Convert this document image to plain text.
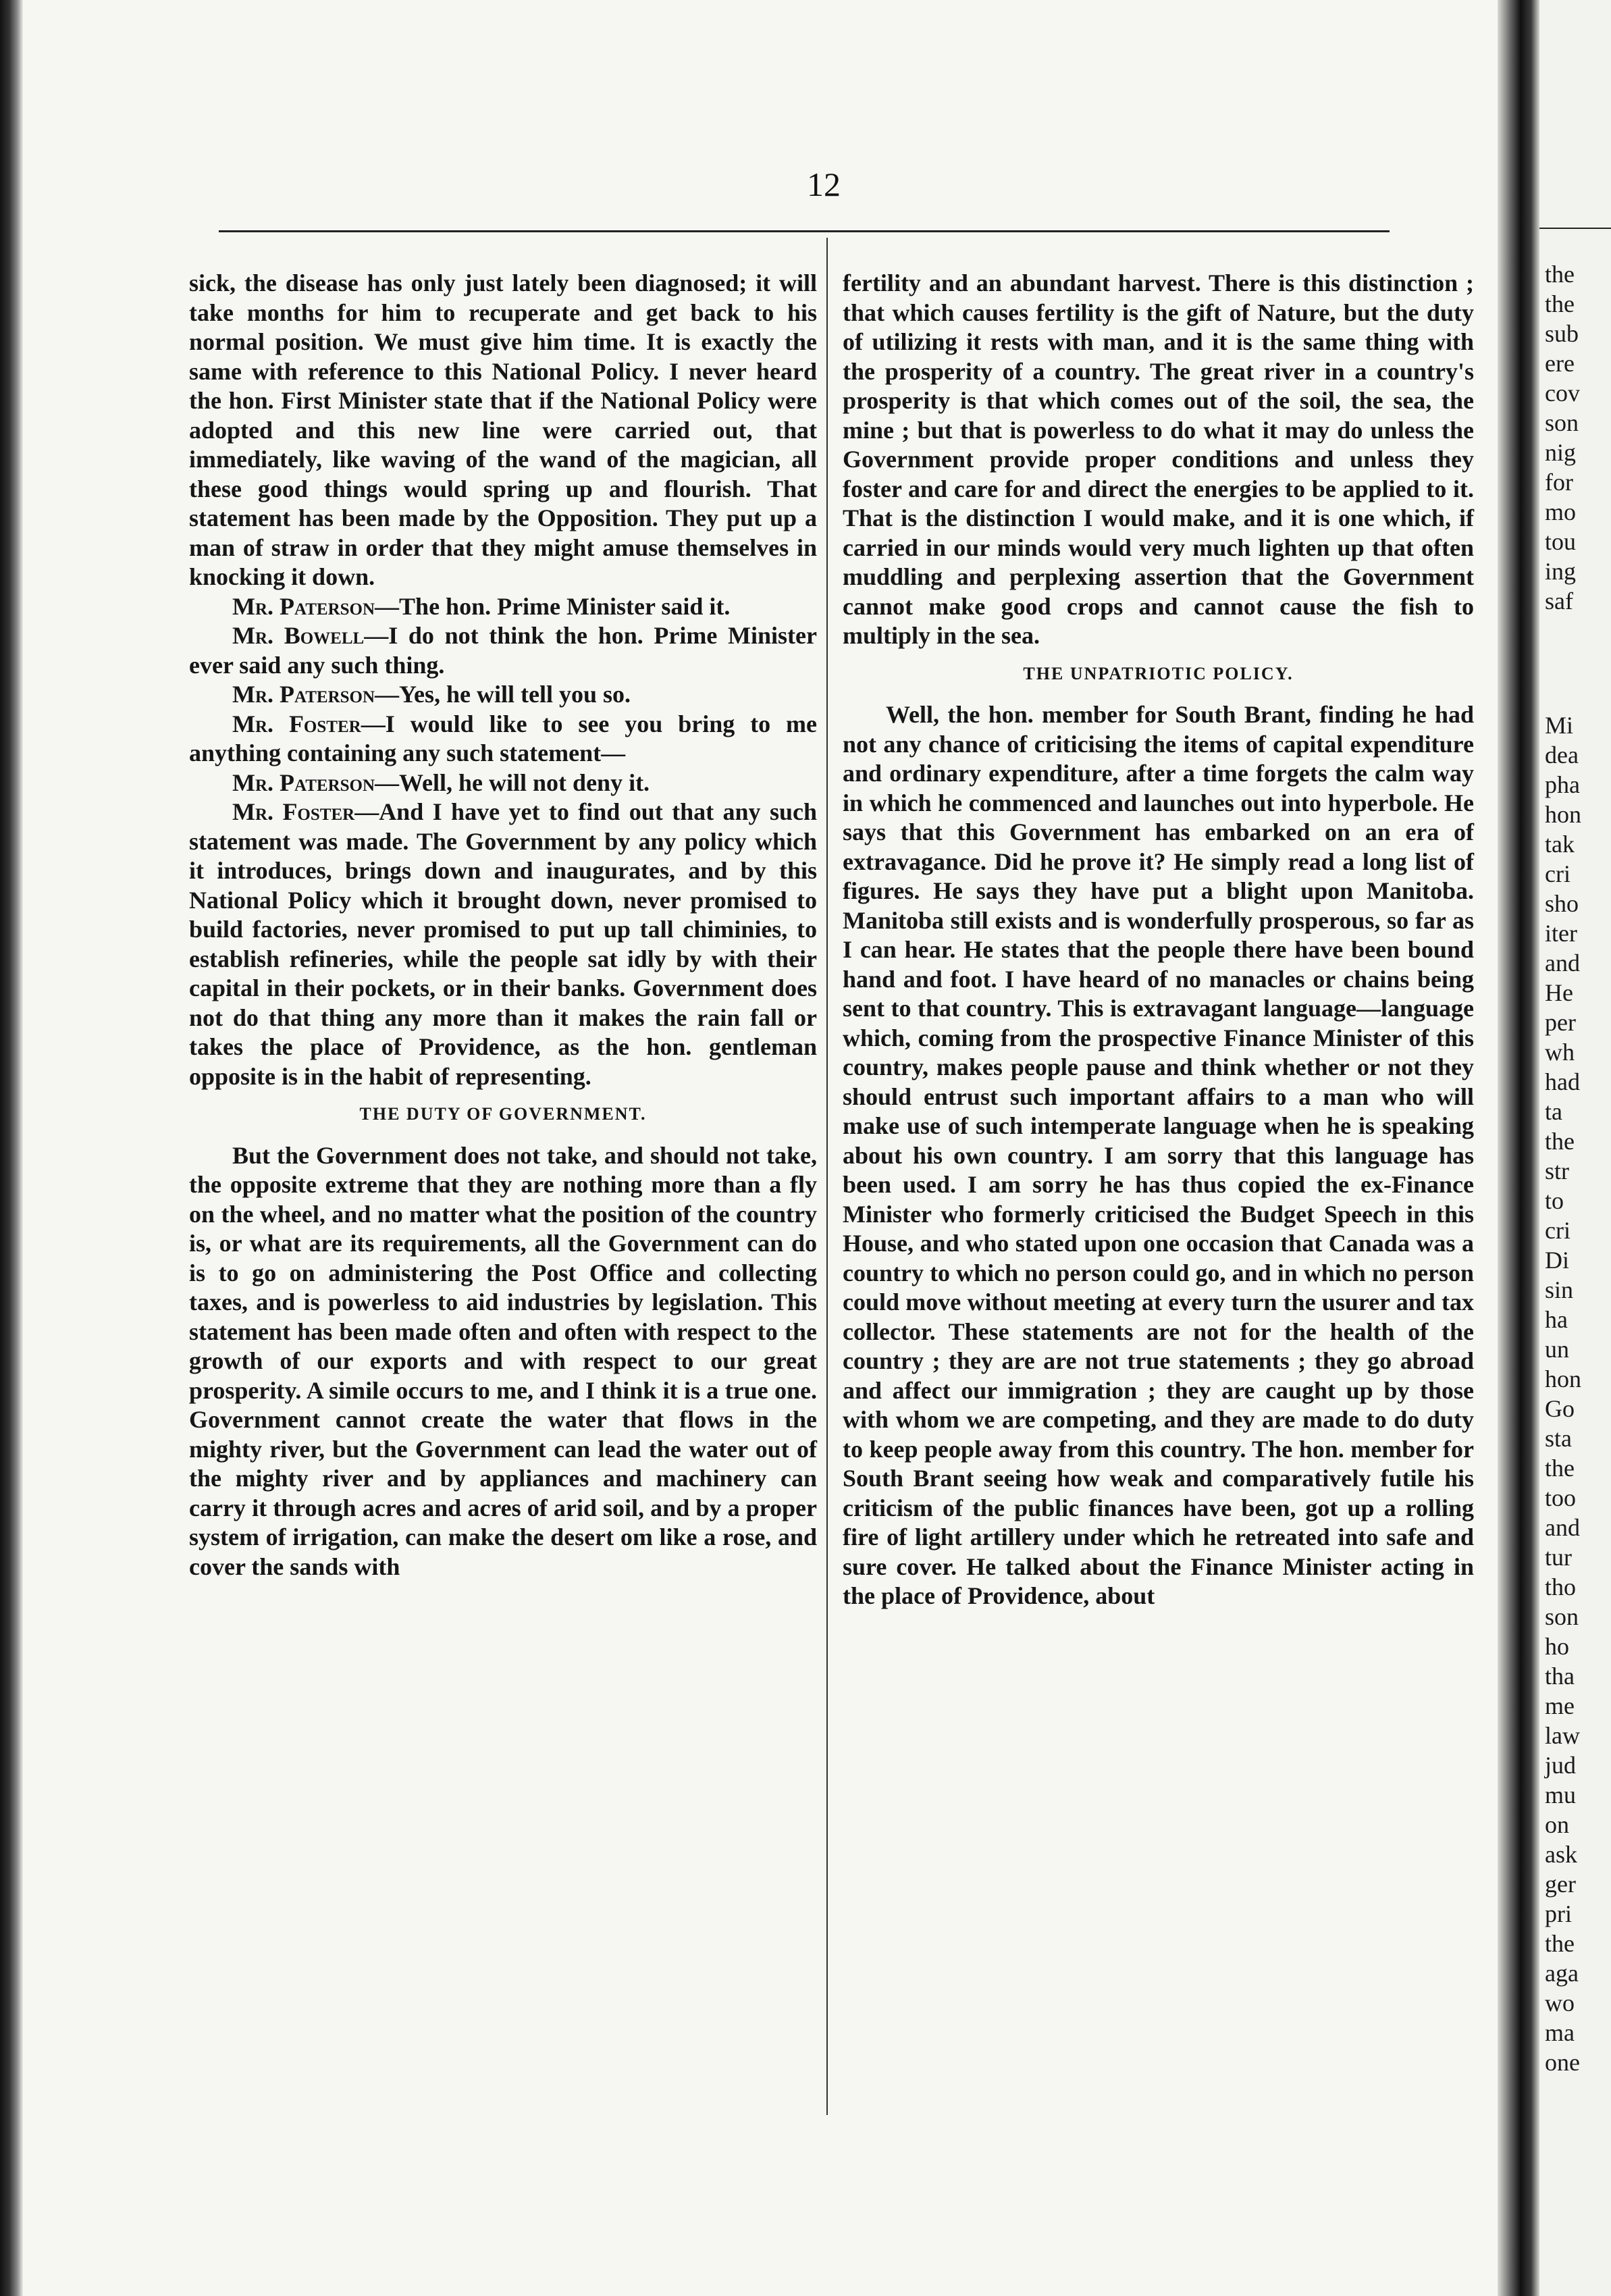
the
the
sub
ere
cov
son
nig
for
mo
tou
ing
saf
Mi
dea
pha
hon
tak
cri
sho
iter
and
He
per
wh
had
ta
the
str
to
cri
Di
sin
ha
un
hon
Go
sta
the
too
and
tur
tho
son
ho
tha
me
law
jud
mu
on
ask
ger
pri
the
aga
wo
ma
one
12

sick, the disease has only just lately been diagnosed; it will take months for him to recuperate and get back to his normal position. We must give him time. It is exactly the same with reference to this National Policy. I never heard the hon. First Minister state that if the National Policy were adopted and this new line were carried out, that immediately, like waving of the wand of the magician, all these good things would spring up and flourish. That statement has been made by the Opposition. They put up a man of straw in order that they might amuse themselves in knocking it down.

Mr. Paterson—The hon. Prime Minister said it.

Mr. Bowell—I do not think the hon. Prime Minister ever said any such thing.

Mr. Paterson—Yes, he will tell you so.

Mr. Foster—I would like to see you bring to me anything containing any such statement—

Mr. Paterson—Well, he will not deny it.

Mr. Foster—And I have yet to find out that any such statement was made. The Government by any policy which it introduces, brings down and inaugurates, and by this National Policy which it brought down, never promised to build factories, never promised to put up tall chiminies, to establish refineries, while the people sat idly by with their capital in their pockets, or in their banks. Government does not do that thing any more than it makes the rain fall or takes the place of Providence, as the hon. gentleman opposite is in the habit of representing.

THE DUTY OF GOVERNMENT.

But the Government does not take, and should not take, the opposite extreme that they are nothing more than a fly on the wheel, and no matter what the position of the country is, or what are its requirements, all the Government can do is to go on administering the Post Office and collecting taxes, and is powerless to aid industries by legislation. This statement has been made often and often with respect to the growth of our exports and with respect to our great prosperity. A simile occurs to me, and I think it is a true one. Government cannot create the water that flows in the mighty river, but the Government can lead the water out of the mighty river and by appliances and machinery can carry it through acres and acres of arid soil, and by a proper system of irrigation, can make the desert om like a rose, and cover the sands with

fertility and an abundant harvest. There is this distinction ; that which causes fertility is the gift of Nature, but the duty of utilizing it rests with man, and it is the same thing with the prosperity of a country. The great river in a country's prosperity is that which comes out of the soil, the sea, the mine ; but that is powerless to do what it may do unless the Government provide proper conditions and unless they foster and care for and direct the energies to be applied to it. That is the distinction I would make, and it is one which, if carried in our minds would very much lighten up that often muddling and perplexing assertion that the Government cannot make good crops and cannot cause the fish to multiply in the sea.

THE UNPATRIOTIC POLICY.

Well, the hon. member for South Brant, finding he had not any chance of criticising the items of capital expenditure and ordinary expenditure, after a time forgets the calm way in which he commenced and launches out into hyperbole. He says that this Government has embarked on an era of extravagance. Did he prove it? He simply read a long list of figures. He says they have put a blight upon Manitoba. Manitoba still exists and is wonderfully prosperous, so far as I can hear. He states that the people there have been bound hand and foot. I have heard of no manacles or chains being sent to that country. This is extravagant language—language which, coming from the prospective Finance Minister of this country, makes people pause and think whether or not they should entrust such important affairs to a man who will make use of such intemperate language when he is speaking about his own country. I am sorry that this language has been used. I am sorry he has thus copied the ex-Finance Minister who formerly criticised the Budget Speech in this House, and who stated upon one occasion that Canada was a country to which no person could go, and in which no person could move without meeting at every turn the usurer and tax collector. These statements are not for the health of the country ; they are are not true statements ; they go abroad and affect our immigration ; they are caught up by those with whom we are competing, and they are made to do duty to keep people away from this country. The hon. member for South Brant seeing how weak and comparatively futile his criticism of the public finances have been, got up a rolling fire of light artillery under which he retreated into safe and sure cover. He talked about the Finance Minister acting in the place of Providence, about
